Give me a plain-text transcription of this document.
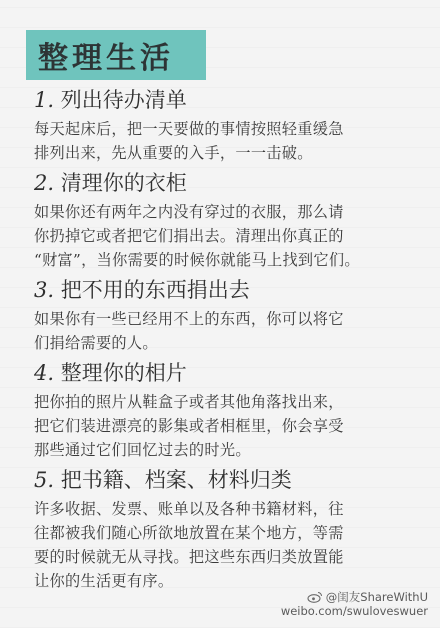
整理生活
1. 列出待办清单
每天起床后，把一天要做的事情按照轻重缓急
排列出来，先从重要的入手，一一击破。
2. 清理你的衣柜
如果你还有两年之内没有穿过的衣服，那么请
你扔掉它或者把它们捐出去。清理出你真正的
“财富”，当你需要的时候你就能马上找到它们。
3. 把不用的东西捐出去
如果你有一些已经用不上的东西，你可以将它
们捐给需要的人。
4. 整理你的相片
把你拍的照片从鞋盒子或者其他角落找出来，
把它们装进漂亮的影集或者相框里，你会享受
那些通过它们回忆过去的时光。
5. 把书籍、档案、材料归类
许多收据、发票、账单以及各种书籍材料，往
往都被我们随心所欲地放置在某个地方，等需
要的时候就无从寻找。把这些东西归类放置能
让你的生活更有序。
@闺友ShareWithU
weibo.com/swuloveswuer
